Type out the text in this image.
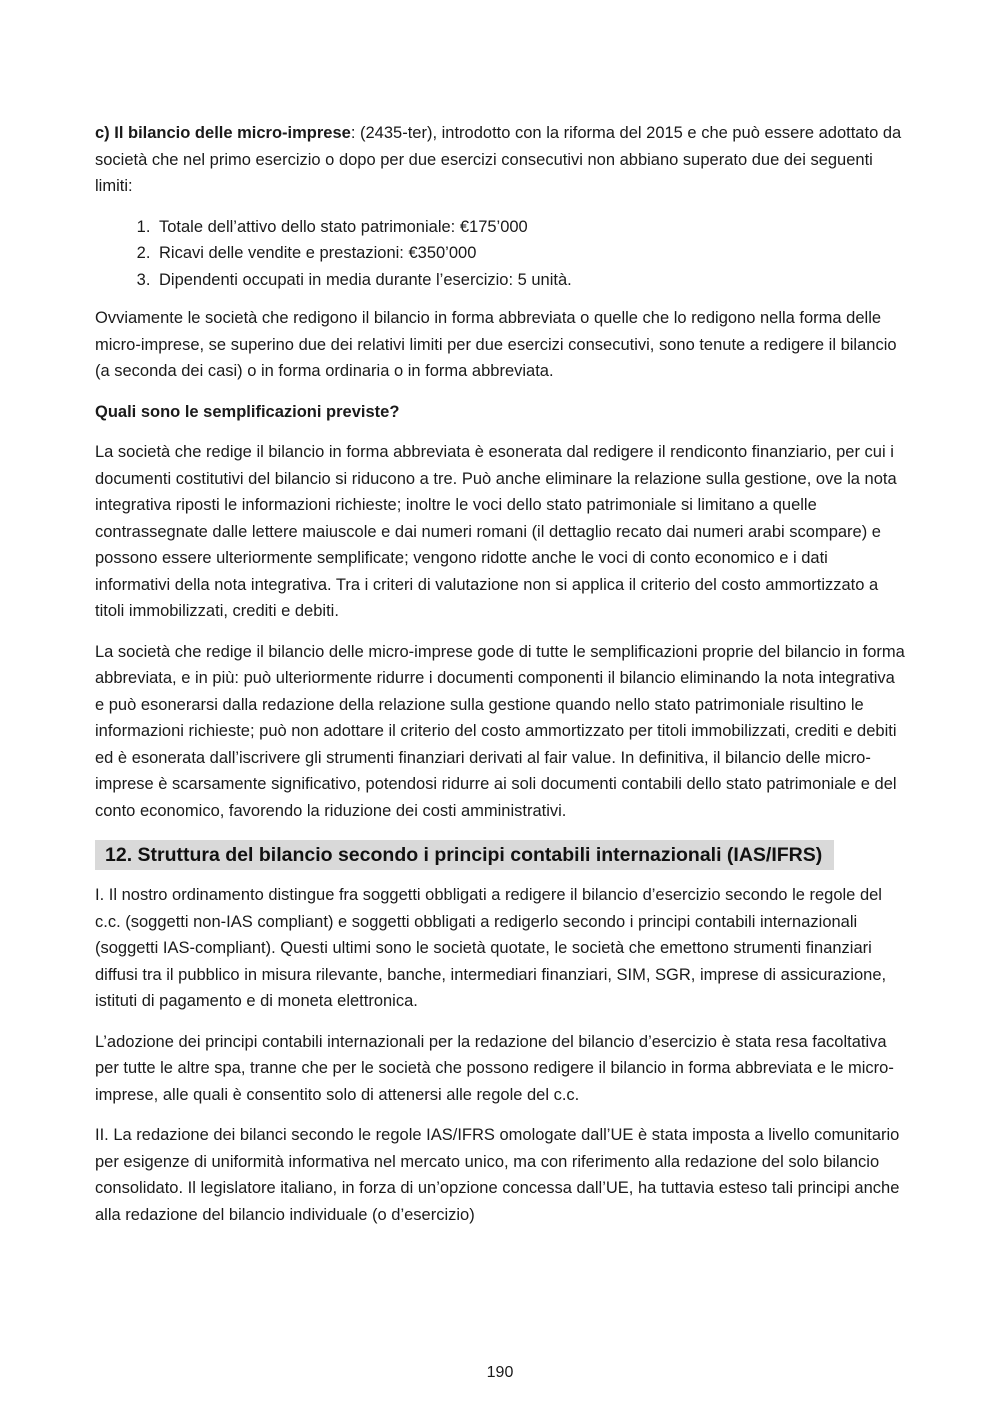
c) Il bilancio delle micro-imprese: (2435-ter), introdotto con la riforma del 2015 e che può essere adottato da società che nel primo esercizio o dopo per due esercizi consecutivi non abbiano superato due dei seguenti limiti:

1. Totale dell’attivo dello stato patrimoniale: €175’000
2. Ricavi delle vendite e prestazioni: €350’000
3. Dipendenti occupati in media durante l’esercizio: 5 unità.

Ovviamente le società che redigono il bilancio in forma abbreviata o quelle che lo redigono nella forma delle micro-imprese, se superino due dei relativi limiti per due esercizi consecutivi, sono tenute a redigere il bilancio (a seconda dei casi) o in forma ordinaria o in forma abbreviata.

Quali sono le semplificazioni previste?

La società che redige il bilancio in forma abbreviata è esonerata dal redigere il rendiconto finanziario, per cui i documenti costitutivi del bilancio si riducono a tre. Può anche eliminare la relazione sulla gestione, ove la nota integrativa riposti le informazioni richieste; inoltre le voci dello stato patrimoniale si limitano a quelle contrassegnate dalle lettere maiuscole e dai numeri romani (il dettaglio recato dai numeri arabi scompare) e possono essere ulteriormente semplificate; vengono ridotte anche le voci di conto economico e i dati informativi della nota integrativa. Tra i criteri di valutazione non si applica il criterio del costo ammortizzato a titoli immobilizzati, crediti e debiti.

La società che redige il bilancio delle micro-imprese gode di tutte le semplificazioni proprie del bilancio in forma abbreviata, e in più: può ulteriormente ridurre i documenti componenti il bilancio eliminando la nota integrativa e può esonerarsi dalla redazione della relazione sulla gestione quando nello stato patrimoniale risultino le informazioni richieste; può non adottare il criterio del costo ammortizzato per titoli immobilizzati, crediti e debiti ed è esonerata dall’iscrivere gli strumenti finanziari derivati al fair value. In definitiva, il bilancio delle micro-imprese è scarsamente significativo, potendosi ridurre ai soli documenti contabili dello stato patrimoniale e del conto economico, favorendo la riduzione dei costi amministrativi.

12. Struttura del bilancio secondo i principi contabili internazionali (IAS/IFRS)

I. Il nostro ordinamento distingue fra soggetti obbligati a redigere il bilancio d’esercizio secondo le regole del c.c. (soggetti non-IAS compliant) e soggetti obbligati a redigerlo secondo i principi contabili internazionali (soggetti IAS-compliant). Questi ultimi sono le società quotate, le società che emettono strumenti finanziari diffusi tra il pubblico in misura rilevante, banche, intermediari finanziari, SIM, SGR, imprese di assicurazione, istituti di pagamento e di moneta elettronica.

L’adozione dei principi contabili internazionali per la redazione del bilancio d’esercizio è stata resa facoltativa per tutte le altre spa, tranne che per le società che possono redigere il bilancio in forma abbreviata e le micro-imprese, alle quali è consentito solo di attenersi alle regole del c.c.

II. La redazione dei bilanci secondo le regole IAS/IFRS omologate dall’UE è stata imposta a livello comunitario per esigenze di uniformità informativa nel mercato unico, ma con riferimento alla redazione del solo bilancio consolidato. Il legislatore italiano, in forza di un’opzione concessa dall’UE, ha tuttavia esteso tali principi anche alla redazione del bilancio individuale (o d’esercizio)

190
